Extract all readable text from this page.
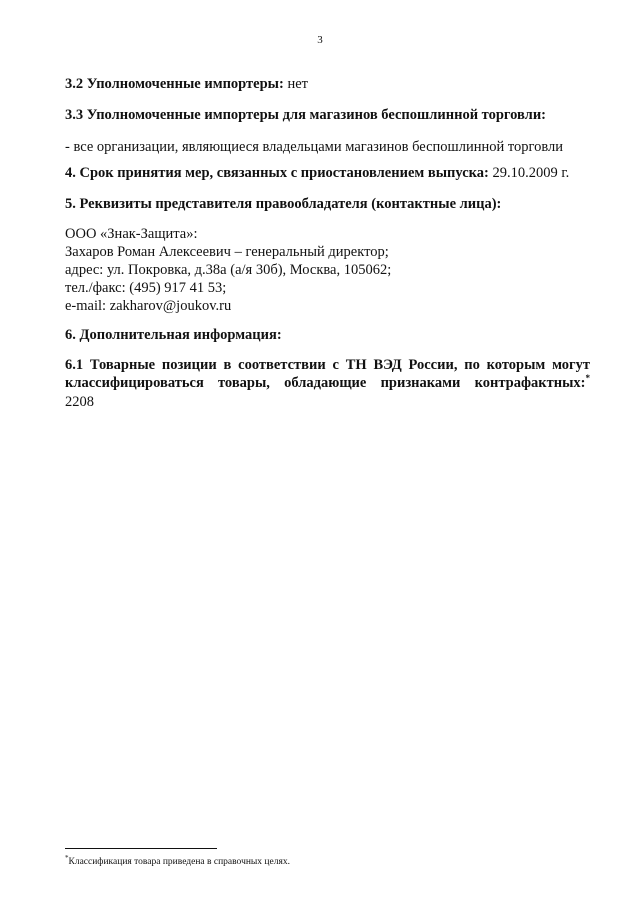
3
3.2 Уполномоченные импортеры: нет
3.3 Уполномоченные импортеры для магазинов беспошлинной торговли:
- все организации, являющиеся владельцами магазинов беспошлинной торговли
4. Срок принятия мер, связанных с приостановлением выпуска: 29.10.2009 г.
5. Реквизиты представителя правообладателя (контактные лица):
ООО «Знак-Защита»:
Захаров Роман Алексеевич – генеральный директор;
адрес: ул. Покровка, д.38а (а/я 30б), Москва, 105062;
тел./факс: (495) 917 41 53;
e-mail: zakharov@joukov.ru
6. Дополнительная информация:
6.1 Товарные позиции в соответствии с ТН ВЭД России, по которым могут
классифицироваться товары, обладающие признаками контрафактных:*
2208
*Классификация товара приведена в справочных целях.
